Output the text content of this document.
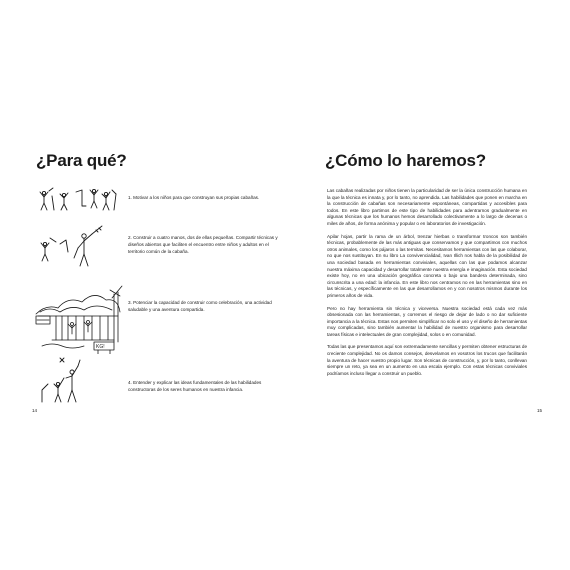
¿Para qué?

1. Motivar a los niños para que construyan sus propias cabañas.

2. Construir a cuatro manos, dos de ellas pequeñas. Compartir técnicas y diseños abiertos que faciliten el encuentro entre niños y adultos en el territorio común de la cabaña.

KG!

3. Potenciar la capacidad de construir como celebración, una actividad saludable y una aventura compartida.

4. Entender y explicar las ideas fundamentales de las habilidades constructoras de los seres humanos en nuestra infancia.

14

¿Cómo lo haremos?

Las cabañas realizadas por niños tienen la particularidad de ser la única construcción humana en la que la técnica es innata y, por lo tanto, no aprendida. Las habilidades que ponen en marcha en la construcción de cabañas son necesariamente espontáneas, compartidas y accesibles para todos. En este libro partimos de este tipo de habilidades para adentrarnos gradualmente en algunas técnicas que los humanos hemos desarrollado colectivamente a lo largo de decenas o miles de años, de forma anónima y popular o en laboratorios de investigación.

Apilar hojas, partir la rama de un árbol, trenzar hierbas o transformar troncos son también técnicas, probablemente de las más antiguas que conservamos y que compartimos con muchos otros animales, como los pájaros o las termitas. Necesitamos herramientas con las que colaborar, no que nos sustituyan. En su libro La convivencialidad, Ivan Illich nos habla de la posibilidad de una sociedad basada en herramientas conviviales, aquellas con las que podamos alcanzar nuestra máxima capacidad y desarrollar totalmente nuestra energía e imaginación. Esta sociedad existe hoy, no en una ubicación geográfica concreta o bajo una bandera determinada, sino circunscrita a una edad: la infancia. En este libro nos centramos no en las herramientas sino en las técnicas, y específicamente en las que desarrollamos en y con nosotros mismos durante los primeros años de vida.

Pero no hay herramienta sin técnica y viceversa. Nuestra sociedad está cada vez más obsesionada con las herramientas, y corremos el riesgo de dejar de lado o no dar suficiente importancia a la técnica. Estas nos permiten simplificar no solo el uso y el diseño de herramientas muy complicadas, sino también aumentar la habilidad de nuestro organismo para desarrollar tareas físicas e intelectuales de gran complejidad, solos o en comunidad.

Todas las que presentamos aquí son extremadamente sencillas y permiten obtener estructuras de creciente complejidad. No os damos consejos, desvelamos en vosotros los trucos que facilitarán la aventura de hacer vuestro propio lugar. Son técnicas de construcción, y, por lo tanto, conllevan siempre un reto, ya sea en un aumento en una escala ejemplo. Con estas técnicas conviviales podríamos incluso llegar a construir un pueblo.

15
